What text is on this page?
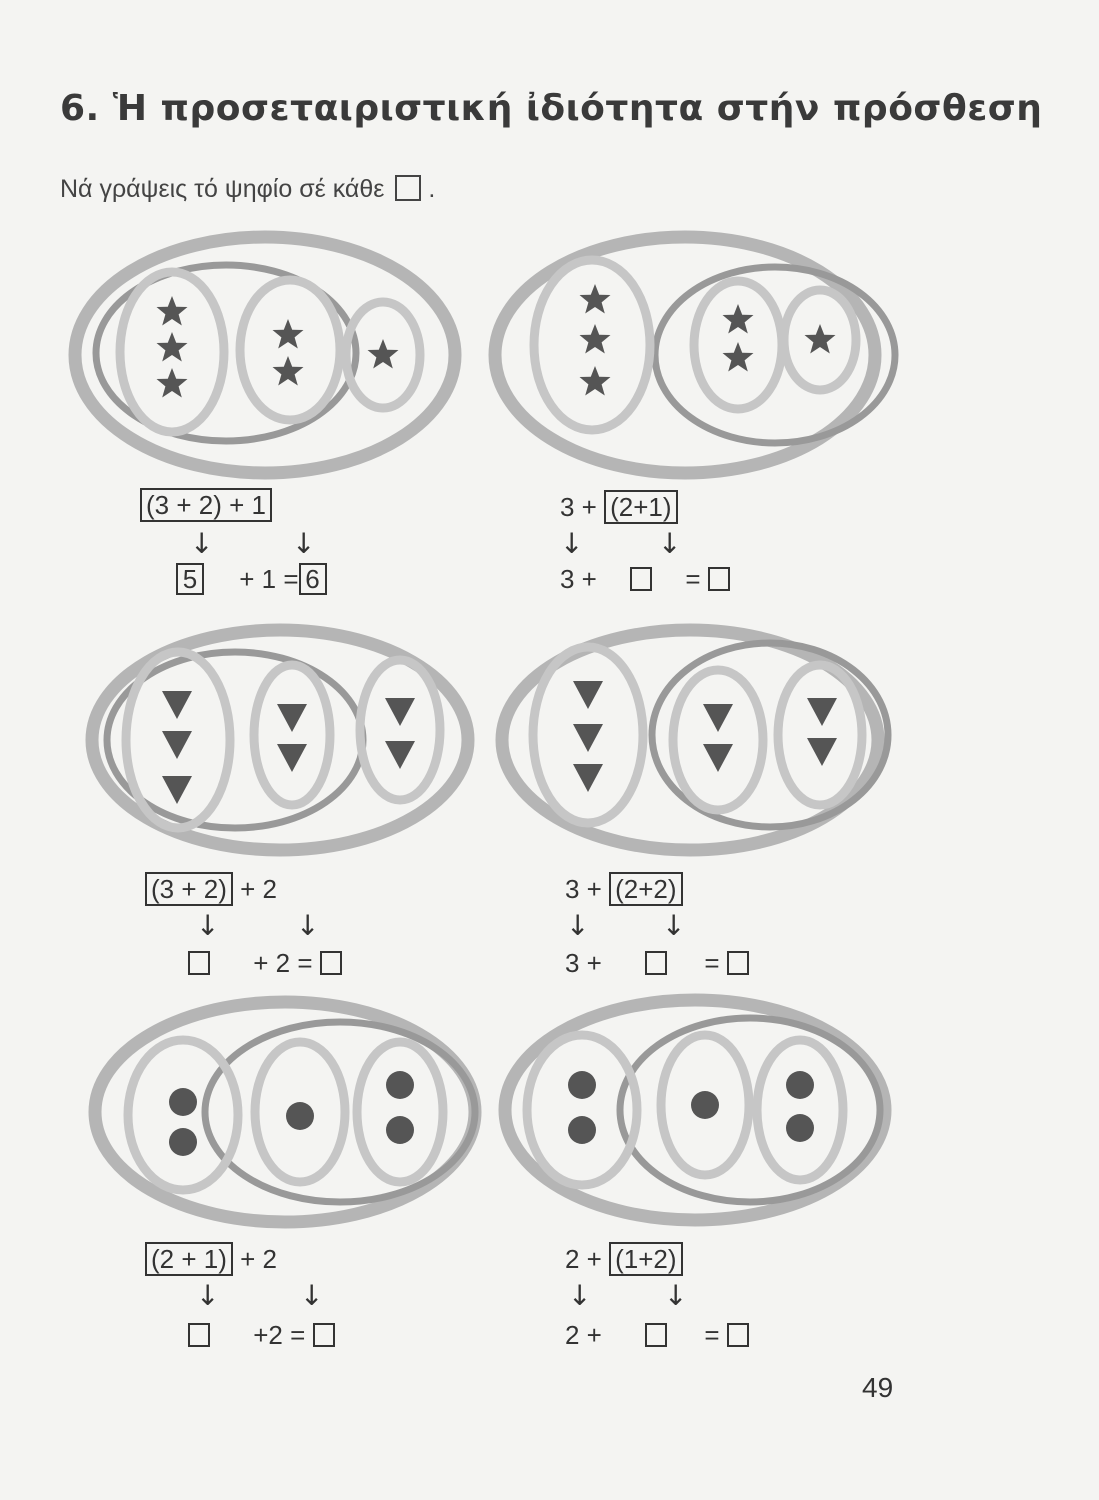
6. Ἡ προσεταιριστική ἰδιότητα στήν πρόσθεση
Νά γράψεις τό ψηφίο σέ κάθε .
(3 + 2) + 1
↓	↓
5 + 1 = 6
3 + (2+1)
↓	↓
3 +	=
(3 + 2) + 2
↓	↓
+ 2 =
3 + (2+2)
↓	↓
3 +	=
(2 + 1) + 2
↓	↓
+2 =
2 + (1+2)
↓	↓
2 +	=
49
